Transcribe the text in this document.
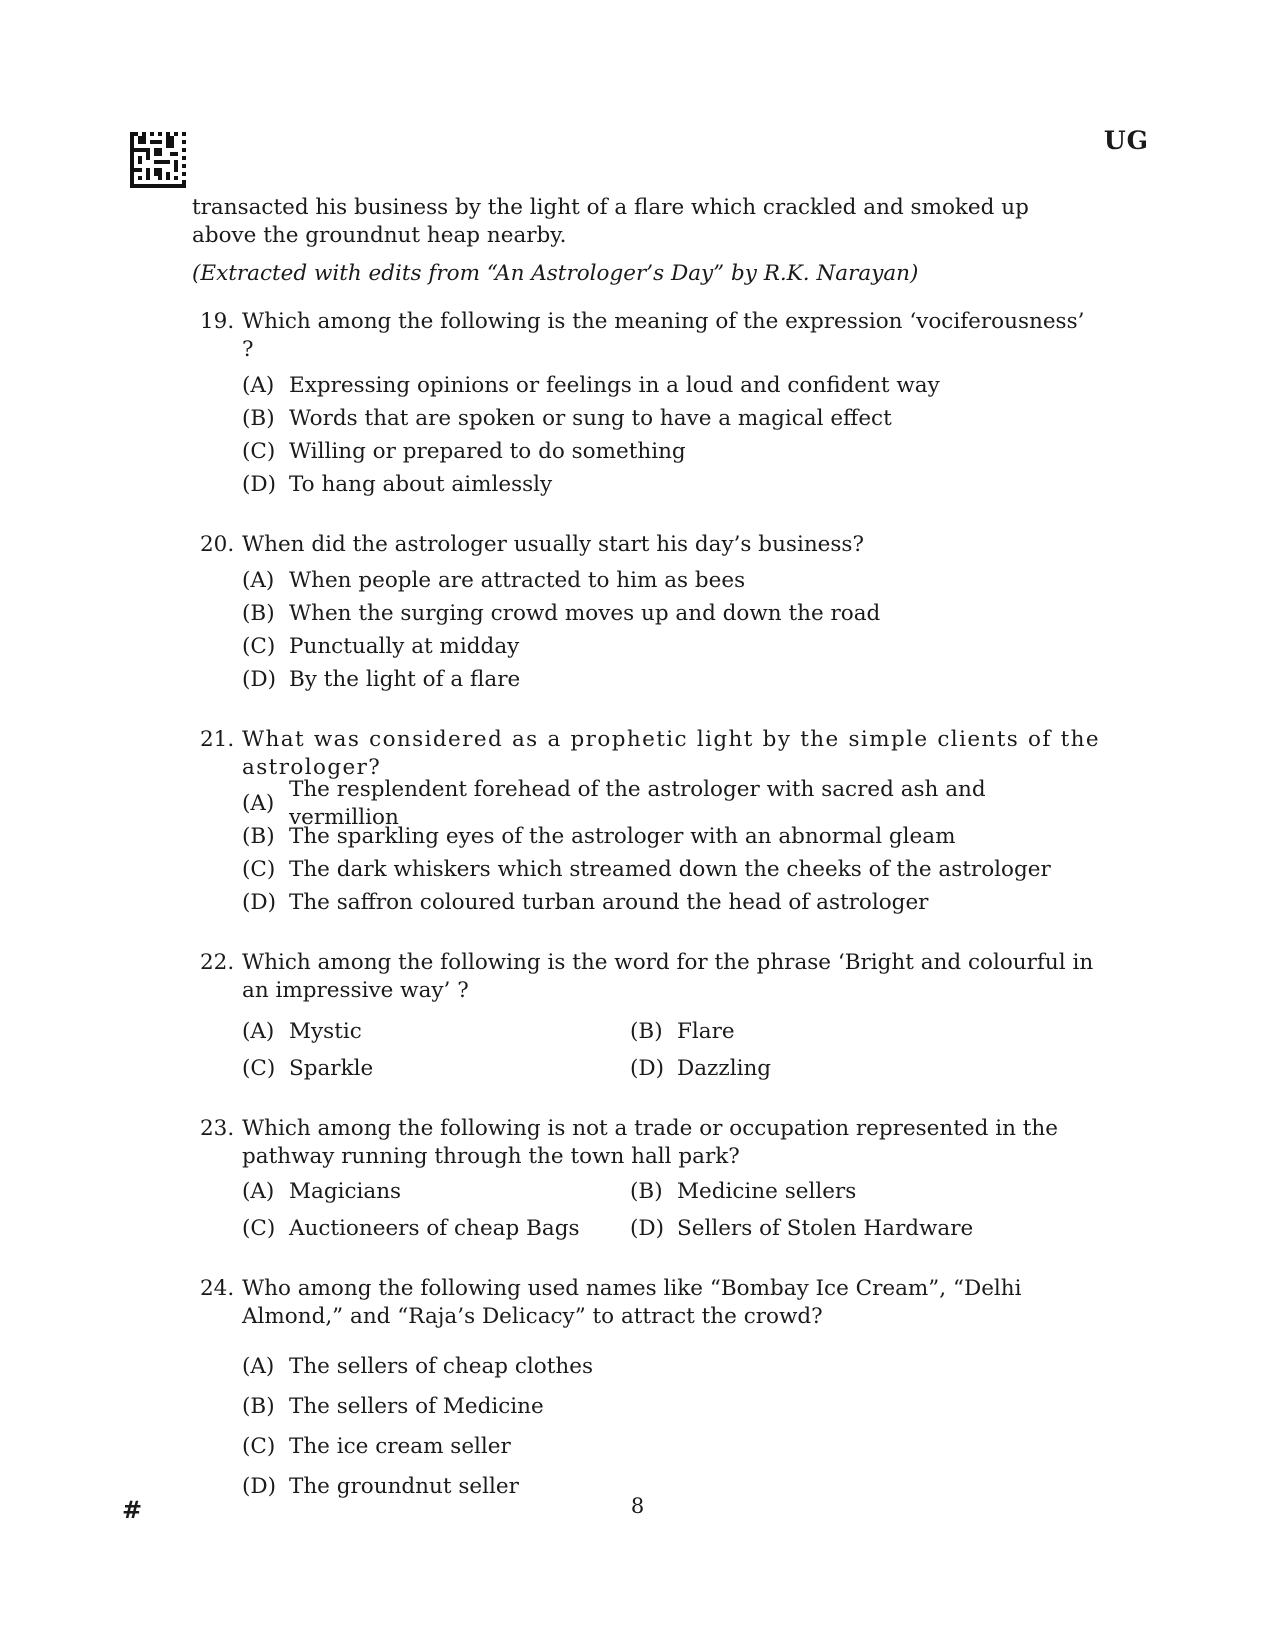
UG

transacted his business by the light of a flare which crackled and smoked up above the groundnut heap nearby.

(Extracted with edits from “An Astrologer’s Day” by R.K. Narayan)

19. Which among the following is the meaning of the expression ‘vociferousness’ ?
(A) Expressing opinions or feelings in a loud and confident way
(B) Words that are spoken or sung to have a magical effect
(C) Willing or prepared to do something
(D) To hang about aimlessly
20. When did the astrologer usually start his day’s business?
(A) When people are attracted to him as bees
(B) When the surging crowd moves up and down the road
(C) Punctually at midday
(D) By the light of a flare
21. What was considered as a prophetic light by the simple clients of the astrologer?
(A)
The resplendent forehead of the astrologer with sacred ash and vermillion
(B) The sparkling eyes of the astrologer with an abnormal gleam
(C) The dark whiskers which streamed down the cheeks of the astrologer
(D) The saffron coloured turban around the head of astrologer
22. Which among the following is the word for the phrase ‘Bright and colourful in an impressive way’ ?
(A) Mystic	(B) Flare
(C) Sparkle	(D) Dazzling
23. Which among the following is not a trade or occupation represented in the pathway running through the town hall park?
(A) Magicians	(B) Medicine sellers
(C) Auctioneers of cheap Bags	(D) Sellers of Stolen Hardware
24. Who among the following used names like “Bombay Ice Cream”, “Delhi Almond,” and “Raja’s Delicacy” to attract the crowd?
(A) The sellers of cheap clothes
(B) The sellers of Medicine
(C) The ice cream seller
(D) The groundnut seller
#	8
